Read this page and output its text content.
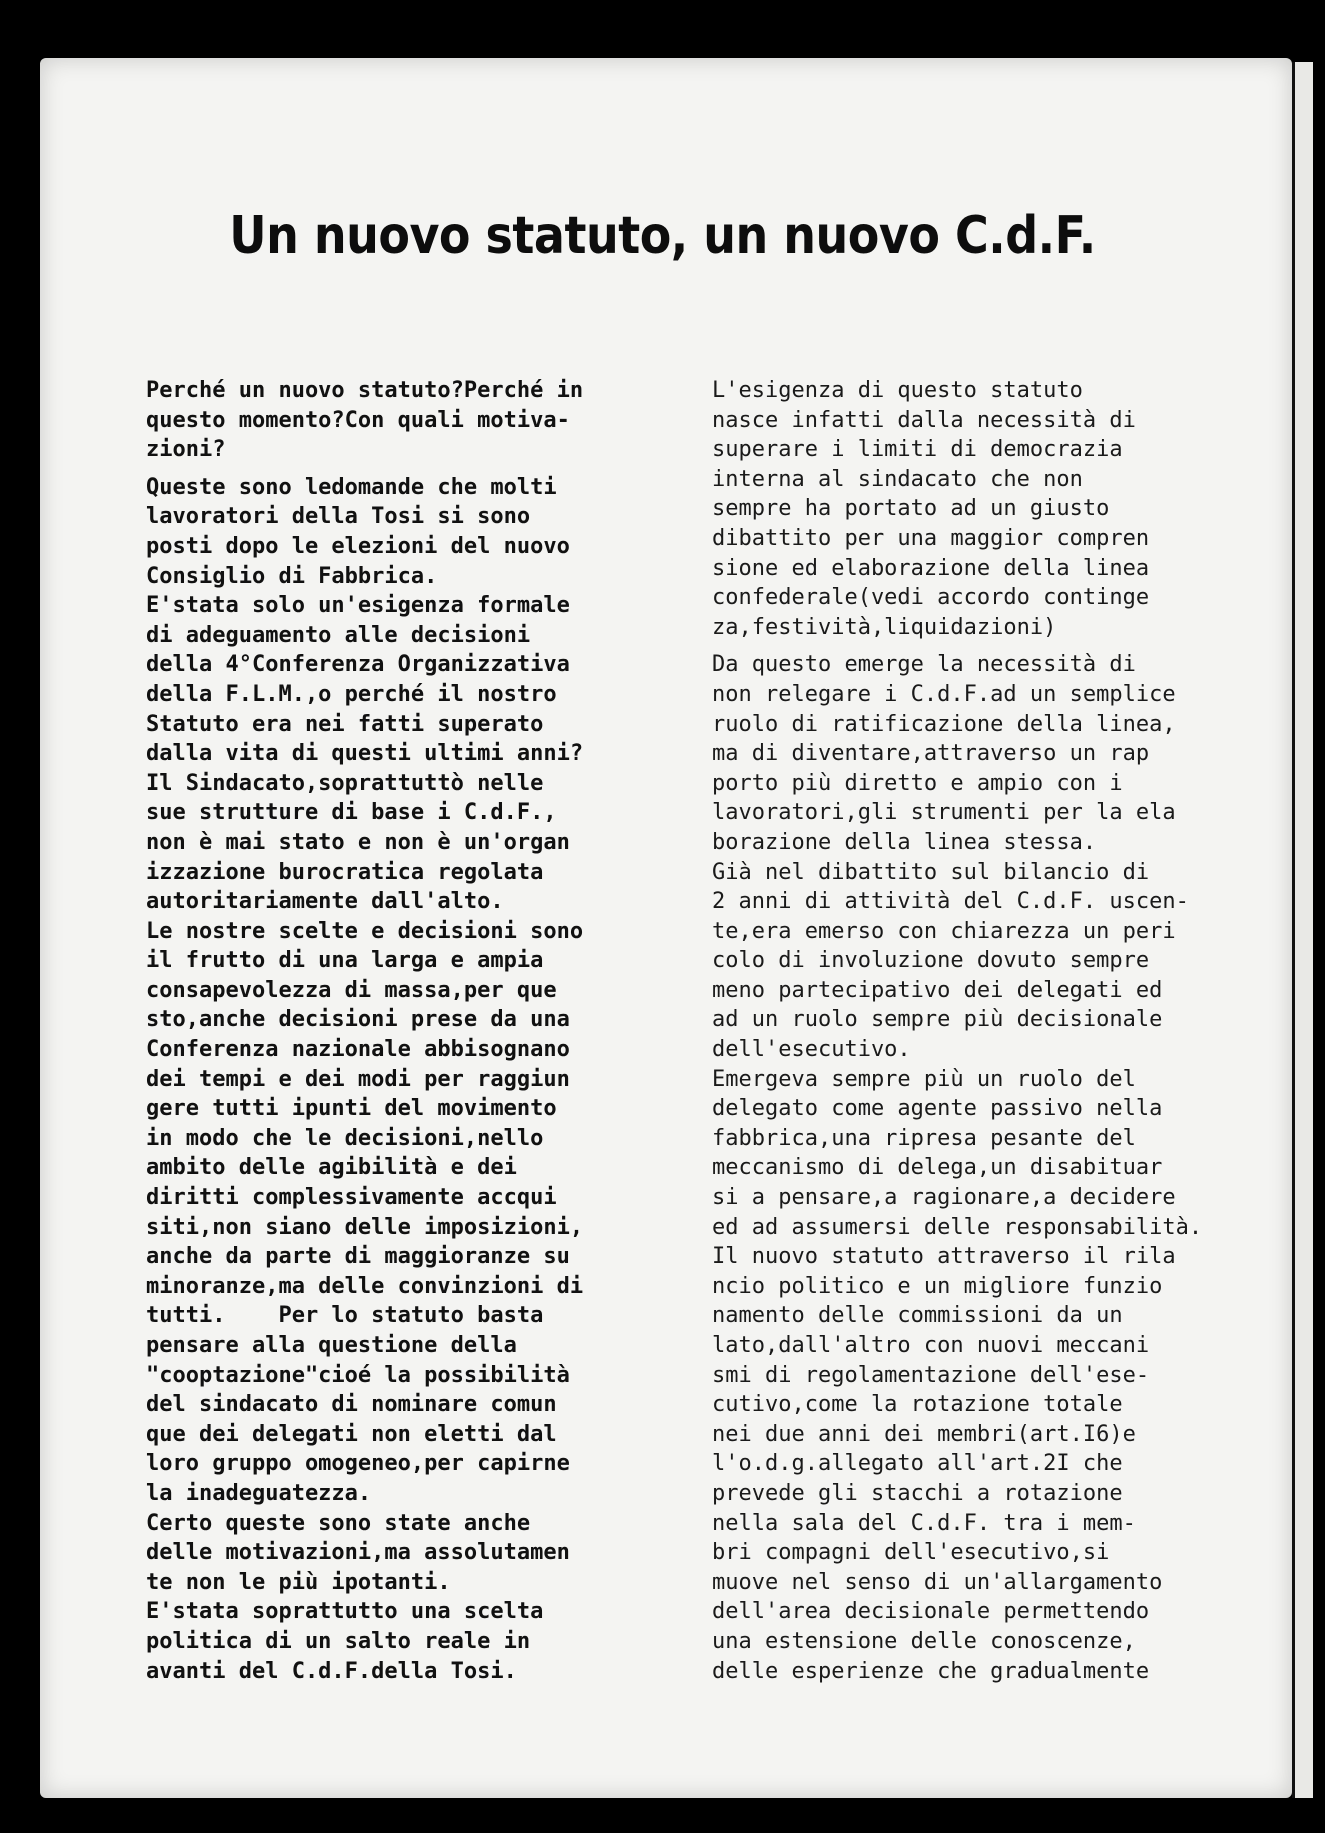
Un nuovo statuto, un nuovo C.d.F.
Perché un nuovo statuto?Perché in
questo momento?Con quali motiva-
zioni?
Queste sono ledomande che molti
lavoratori della Tosi si sono
posti dopo le elezioni del nuovo
Consiglio di Fabbrica.
E'stata solo un'esigenza formale
di adeguamento alle decisioni
della 4°Conferenza Organizzativa
della F.L.M.,o perché il nostro
Statuto era nei fatti superato
dalla vita di questi ultimi anni?
Il Sindacato,soprattuttò nelle
sue strutture di base i C.d.F.,
non è mai stato e non è un'organ
izzazione burocratica regolata
autoritariamente dall'alto.
Le nostre scelte e decisioni sono
il frutto di una larga e ampia
consapevolezza di massa,per que
sto,anche decisioni prese da una
Conferenza nazionale abbisognano
dei tempi e dei modi per raggiun
gere tutti ipunti del movimento
in modo che le decisioni,nello
ambito delle agibilità e dei
diritti complessivamente accqui
siti,non siano delle imposizioni,
anche da parte di maggioranze su
minoranze,ma delle convinzioni di
tutti.    Per lo statuto basta
pensare alla questione della
"cooptazione"cioé la possibilità
del sindacato di nominare comun
que dei delegati non eletti dal
loro gruppo omogeneo,per capirne
la inadeguatezza.
Certo queste sono state anche
delle motivazioni,ma assolutamen
te non le più ipotanti.
E'stata soprattutto una scelta
politica di un salto reale in
avanti del C.d.F.della Tosi.
L'esigenza di questo statuto
nasce infatti dalla necessità di
superare i limiti di democrazia
interna al sindacato che non
sempre ha portato ad un giusto
dibattito per una maggior compren
sione ed elaborazione della linea
confederale(vedi accordo continge
za,festività,liquidazioni)
Da questo emerge la necessità di
non relegare i C.d.F.ad un semplice
ruolo di ratificazione della linea,
ma di diventare,attraverso un rap
porto più diretto e ampio con i
lavoratori,gli strumenti per la ela
borazione della linea stessa.
Già nel dibattito sul bilancio di
2 anni di attività del C.d.F. uscen-
te,era emerso con chiarezza un peri
colo di involuzione dovuto sempre
meno partecipativo dei delegati ed
ad un ruolo sempre più decisionale
dell'esecutivo.
Emergeva sempre più un ruolo del
delegato come agente passivo nella
fabbrica,una ripresa pesante del
meccanismo di delega,un disabituar
si a pensare,a ragionare,a decidere
ed ad assumersi delle responsabilità.
Il nuovo statuto attraverso il rila
ncio politico e un migliore funzio
namento delle commissioni da un
lato,dall'altro con nuovi meccani
smi di regolamentazione dell'ese-
cutivo,come la rotazione totale
nei due anni dei membri(art.I6)e
l'o.d.g.allegato all'art.2I che
prevede gli stacchi a rotazione
nella sala del C.d.F. tra i mem-
bri compagni dell'esecutivo,si
muove nel senso di un'allargamento
dell'area decisionale permettendo
una estensione delle conoscenze,
delle esperienze che gradualmente
